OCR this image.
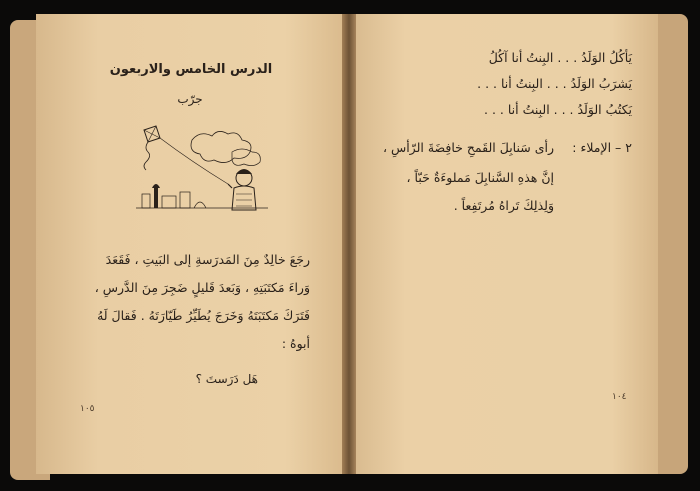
الدرس الخامس والاربعون
جرّب
رجَعَ خالِدٌ مِنَ المَدرَسةِ إلى البَيتِ ، فَقَعَدَ
وَراءَ مَكتَبَتِهِ ، وَبَعدَ قَليلٍ ضَجِرَ مِنَ الدَّرسِ ،
فَتَرَكَ مَكتَبَتَهُ وَخَرَجَ يُطَيِّرُ طَيّارَتَهُ . فَقالَ لَهُ
أبوهُ :
هَل دَرَستَ ؟
١٠٥
يَأكُلُ الوَلَدُ . . . البِنتُ أنا آكُلُ
يَشرَبُ الوَلَدُ . . . البِنتُ أنا . . .
يَكتُبُ الوَلَدُ . . . البِنتُ أنا . . .
٢ – الإملاء :
رأى سَنابِلَ القَمحِ خافِضَةَ الرّأسِ ،
إنَّ هذهِ السَّنابِلَ مَملوءَةٌ حَبّاً ،
وَلِذلِكَ تَراهُ مُرتَفِعاً .
١٠٤
